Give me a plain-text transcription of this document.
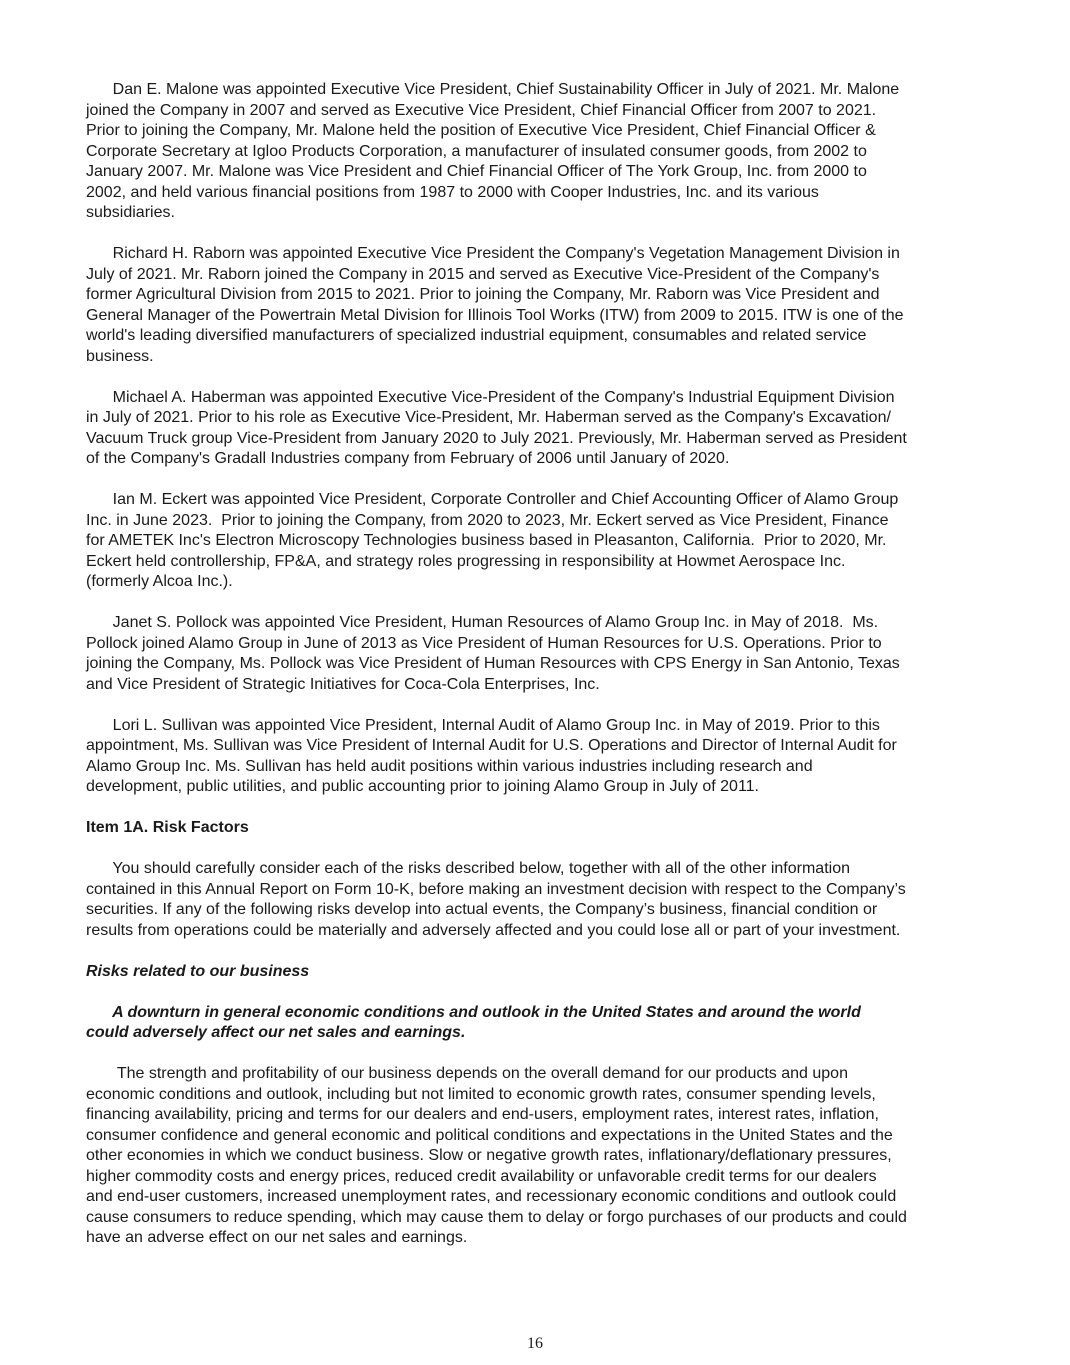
Dan E. Malone was appointed Executive Vice President, Chief Sustainability Officer in July of 2021. Mr. Malone
joined the Company in 2007 and served as Executive Vice President, Chief Financial Officer from 2007 to 2021.
Prior to joining the Company, Mr. Malone held the position of Executive Vice President, Chief Financial Officer &
Corporate Secretary at Igloo Products Corporation, a manufacturer of insulated consumer goods, from 2002 to
January 2007. Mr. Malone was Vice President and Chief Financial Officer of The York Group, Inc. from 2000 to
2002, and held various financial positions from 1987 to 2000 with Cooper Industries, Inc. and its various
subsidiaries.
Richard H. Raborn was appointed Executive Vice President the Company's Vegetation Management Division in
July of 2021. Mr. Raborn joined the Company in 2015 and served as Executive Vice-President of the Company's
former Agricultural Division from 2015 to 2021. Prior to joining the Company, Mr. Raborn was Vice President and
General Manager of the Powertrain Metal Division for Illinois Tool Works (ITW) from 2009 to 2015. ITW is one of the
world's leading diversified manufacturers of specialized industrial equipment, consumables and related service
business.
Michael A. Haberman was appointed Executive Vice-President of the Company's Industrial Equipment Division
in July of 2021. Prior to his role as Executive Vice-President, Mr. Haberman served as the Company's Excavation/
Vacuum Truck group Vice-President from January 2020 to July 2021. Previously, Mr. Haberman served as President
of the Company's Gradall Industries company from February of 2006 until January of 2020.
Ian M. Eckert was appointed Vice President, Corporate Controller and Chief Accounting Officer of Alamo Group
Inc. in June 2023.  Prior to joining the Company, from 2020 to 2023, Mr. Eckert served as Vice President, Finance
for AMETEK Inc's Electron Microscopy Technologies business based in Pleasanton, California.  Prior to 2020, Mr.
Eckert held controllership, FP&A, and strategy roles progressing in responsibility at Howmet Aerospace Inc.
(formerly Alcoa Inc.).
Janet S. Pollock was appointed Vice President, Human Resources of Alamo Group Inc. in May of 2018.  Ms.
Pollock joined Alamo Group in June of 2013 as Vice President of Human Resources for U.S. Operations. Prior to
joining the Company, Ms. Pollock was Vice President of Human Resources with CPS Energy in San Antonio, Texas
and Vice President of Strategic Initiatives for Coca-Cola Enterprises, Inc.
Lori L. Sullivan was appointed Vice President, Internal Audit of Alamo Group Inc. in May of 2019. Prior to this
appointment, Ms. Sullivan was Vice President of Internal Audit for U.S. Operations and Director of Internal Audit for
Alamo Group Inc. Ms. Sullivan has held audit positions within various industries including research and
development, public utilities, and public accounting prior to joining Alamo Group in July of 2011.
Item 1A. Risk Factors
You should carefully consider each of the risks described below, together with all of the other information
contained in this Annual Report on Form 10-K, before making an investment decision with respect to the Company’s
securities. If any of the following risks develop into actual events, the Company’s business, financial condition or
results from operations could be materially and adversely affected and you could lose all or part of your investment.
Risks related to our business
A downturn in general economic conditions and outlook in the United States and around the world
could adversely affect our net sales and earnings.
The strength and profitability of our business depends on the overall demand for our products and upon
economic conditions and outlook, including but not limited to economic growth rates, consumer spending levels,
financing availability, pricing and terms for our dealers and end-users, employment rates, interest rates, inflation,
consumer confidence and general economic and political conditions and expectations in the United States and the
other economies in which we conduct business. Slow or negative growth rates, inflationary/deflationary pressures,
higher commodity costs and energy prices, reduced credit availability or unfavorable credit terms for our dealers
and end-user customers, increased unemployment rates, and recessionary economic conditions and outlook could
cause consumers to reduce spending, which may cause them to delay or forgo purchases of our products and could
have an adverse effect on our net sales and earnings.
16
